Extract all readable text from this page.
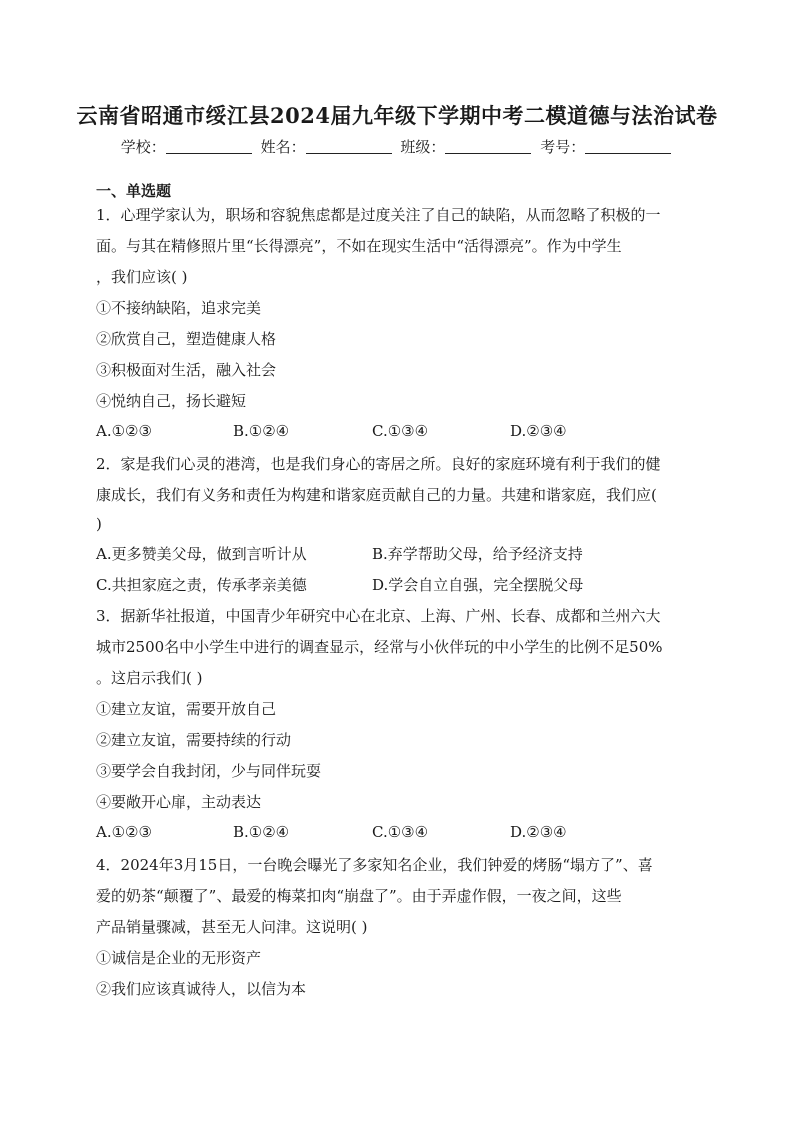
云南省昭通市绥江县2024届九年级下学期中考二模道德与法治试卷
学校：	姓名：	班级：	考号：
一、单选题
1．心理学家认为，职场和容貌焦虑都是过度关注了自己的缺陷，从而忽略了积极的一
面。与其在精修照片里“长得漂亮”，不如在现实生活中“活得漂亮”。作为中学生
，我们应该( )
①不接纳缺陷，追求完美
②欣赏自己，塑造健康人格
③积极面对生活，融入社会
④悦纳自己，扬长避短
A.①②③	B.①②④	C.①③④	D.②③④
2．家是我们心灵的港湾，也是我们身心的寄居之所。良好的家庭环境有利于我们的健
康成长，我们有义务和责任为构建和谐家庭贡献自己的力量。共建和谐家庭，我们应(
)
A.更多赞美父母，做到言听计从	B.弃学帮助父母，给予经济支持
C.共担家庭之责，传承孝亲美德	D.学会自立自强，完全摆脱父母
3．据新华社报道，中国青少年研究中心在北京、上海、广州、长春、成都和兰州六大
城市2500名中小学生中进行的调查显示，经常与小伙伴玩的中小学生的比例不足50%
。这启示我们( )
①建立友谊，需要开放自己
②建立友谊，需要持续的行动
③要学会自我封闭，少与同伴玩耍
④要敞开心扉，主动表达
A.①②③	B.①②④	C.①③④	D.②③④
4．2024年3月15日，一台晚会曝光了多家知名企业，我们钟爱的烤肠“塌方了”、喜
爱的奶茶“颠覆了”、最爱的梅菜扣肉“崩盘了”。由于弄虚作假，一夜之间，这些
产品销量骤减，甚至无人问津。这说明( )
①诚信是企业的无形资产
②我们应该真诚待人，以信为本
